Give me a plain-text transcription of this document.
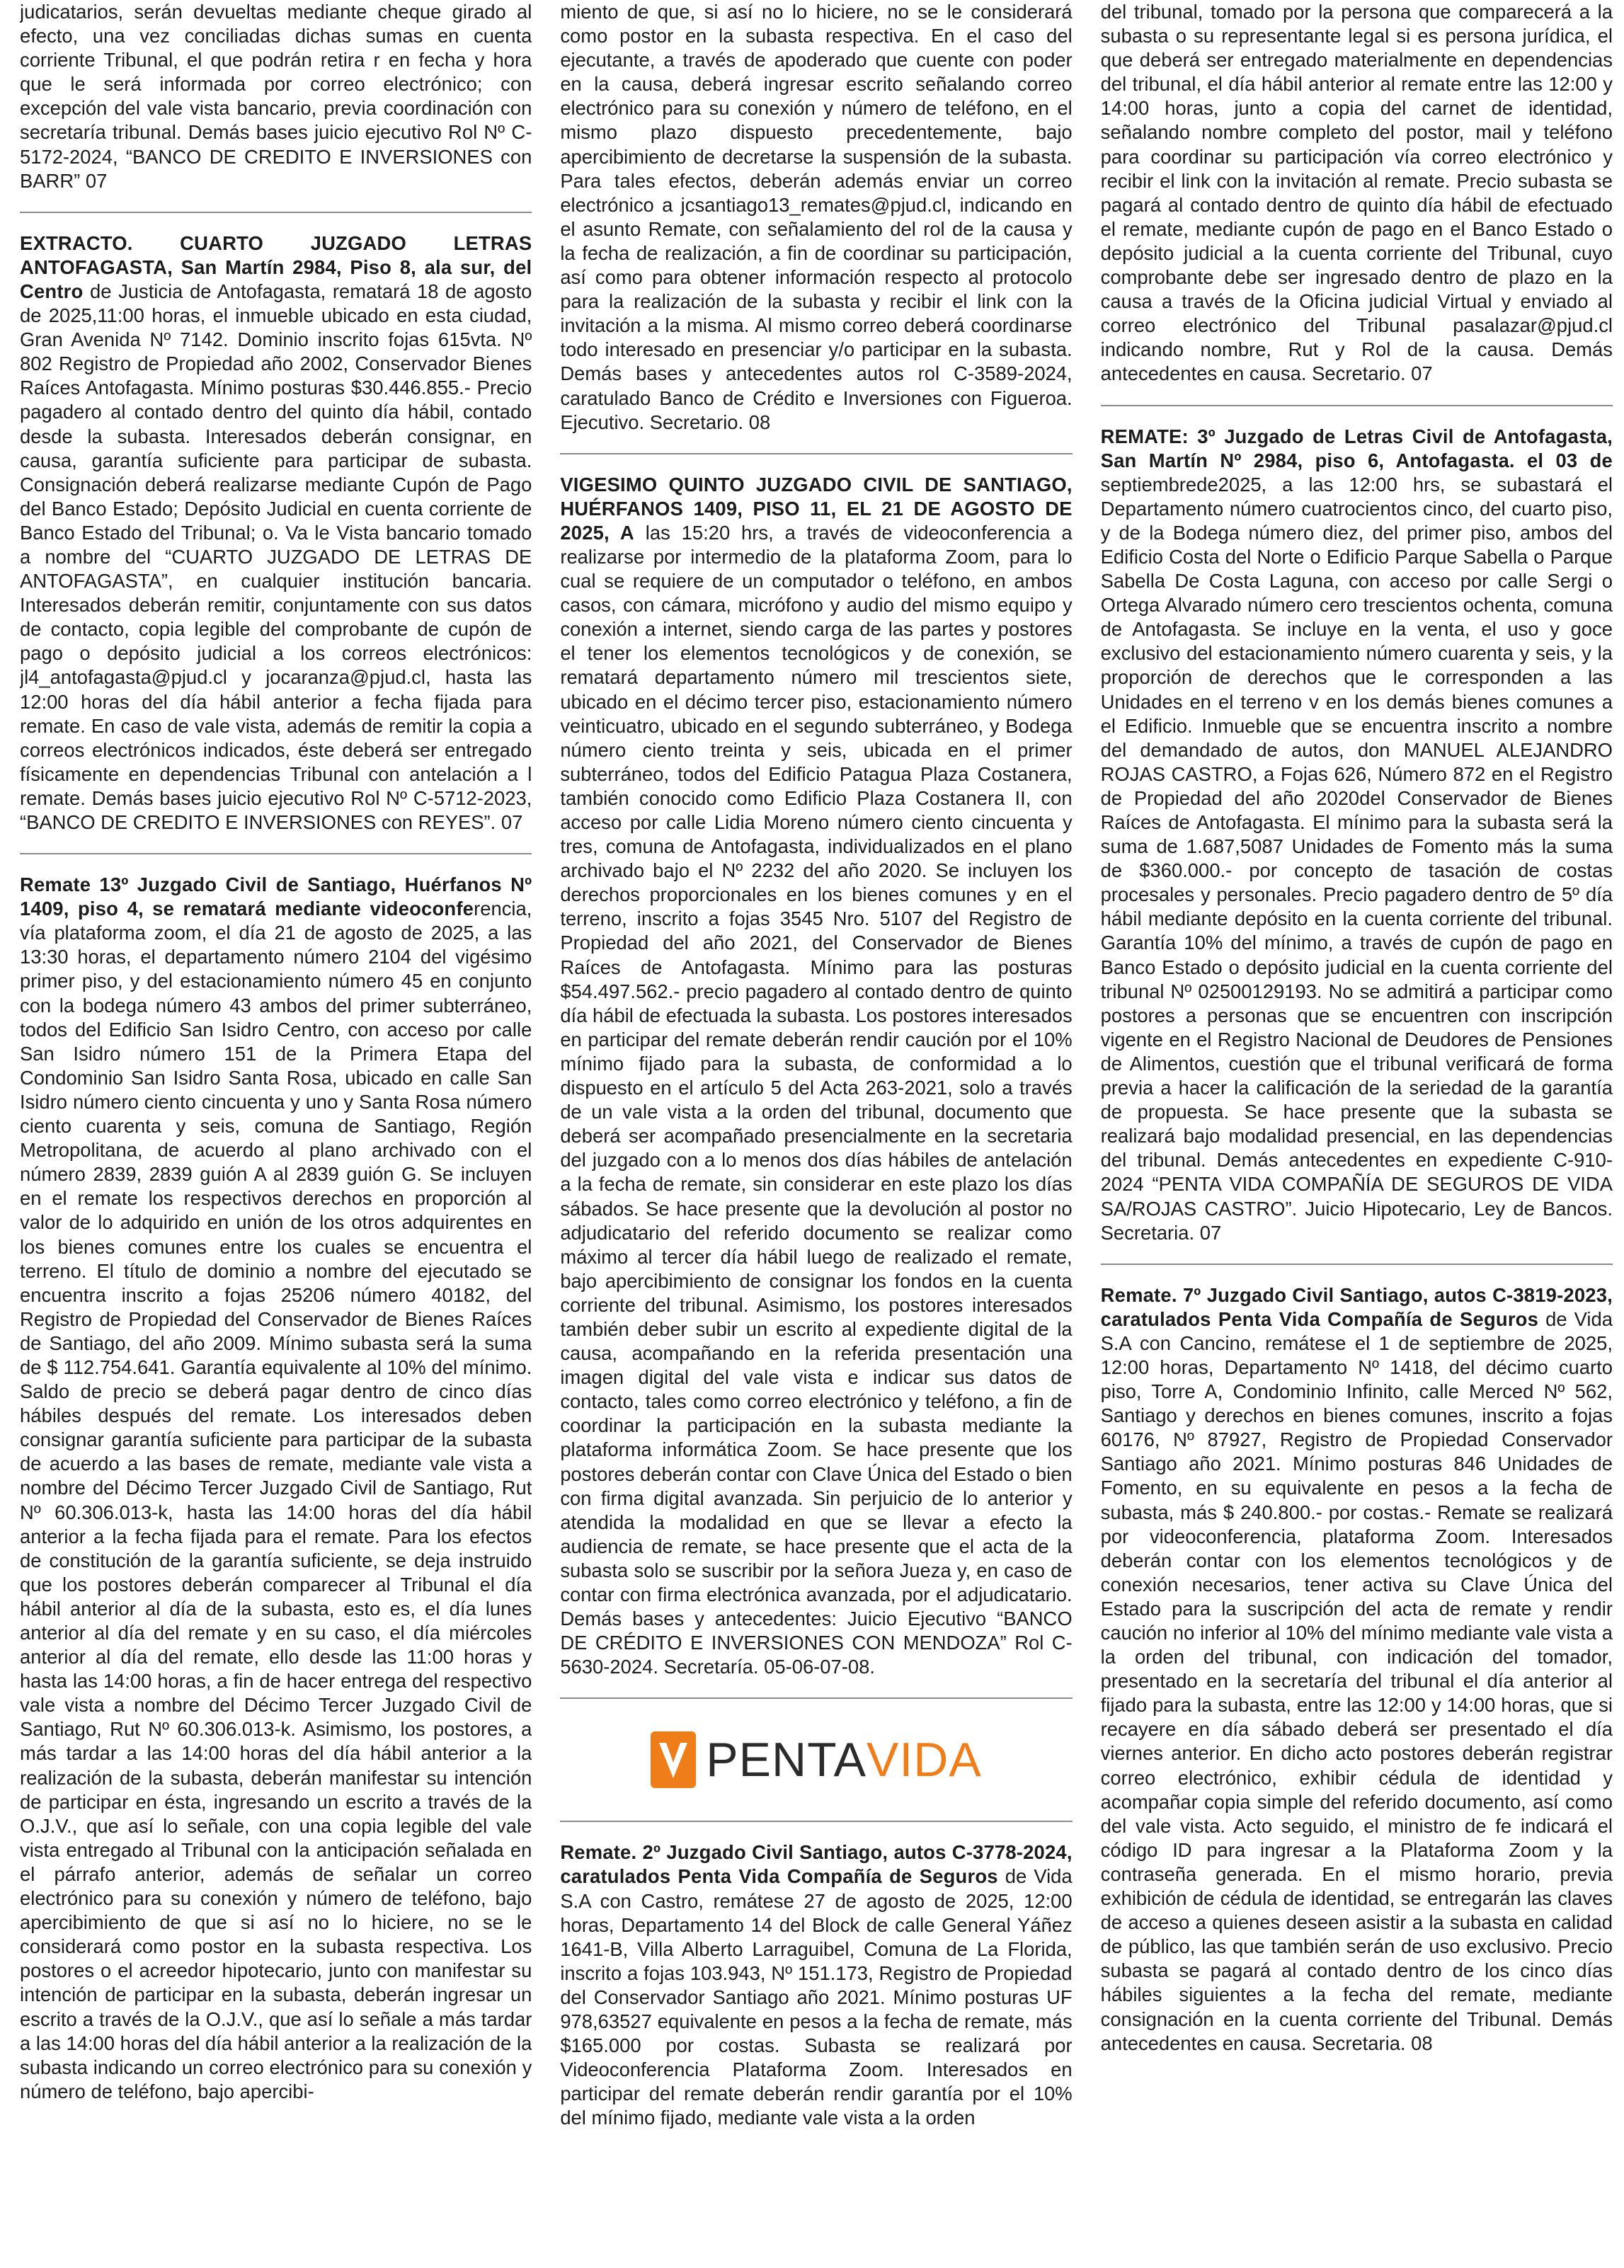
judicatarios, serán devueltas mediante cheque girado al efecto, una vez conciliadas dichas sumas en cuenta corriente Tribunal, el que podrán retira r en fecha y hora que le será informada por correo electrónico; con excepción del vale vista bancario, previa coordinación con secretaría tribunal. Demás bases juicio ejecutivo Rol Nº C-5172-2024, “BANCO DE CREDITO E INVERSIONES con BARR” 07

EXTRACTO. CUARTO JUZGADO LETRAS ANTOFAGASTA, San Martín 2984, Piso 8, ala sur, del Centro de Justicia de Antofagasta, rematará 18 de agosto de 2025,11:00 horas, el inmueble ubicado en esta ciudad, Gran Avenida Nº 7142. Dominio inscrito fojas 615vta. Nº 802 Registro de Propiedad año 2002, Conservador Bienes Raíces Antofagasta. Mínimo posturas $30.446.855.- Precio pagadero al contado dentro del quinto día hábil, contado desde la subasta. Interesados deberán consignar, en causa, garantía suficiente para participar de subasta. Consignación deberá realizarse mediante Cupón de Pago del Banco Estado; Depósito Judicial en cuenta corriente de Banco Estado del Tribunal; o. Va le Vista bancario tomado a nombre del “CUARTO JUZGADO DE LETRAS DE ANTOFAGASTA”, en cualquier institución bancaria. Interesados deberán remitir, conjuntamente con sus datos de contacto, copia legible del comprobante de cupón de pago o depósito judicial a los correos electrónicos: jl4_antofagasta@pjud.cl y jocaranza@pjud.cl, hasta las 12:00 horas del día hábil anterior a fecha fijada para remate. En caso de vale vista, además de remitir la copia a correos electrónicos indicados, éste deberá ser entregado físicamente en dependencias Tribunal con antelación a l remate. Demás bases juicio ejecutivo Rol Nº C-5712-2023, “BANCO DE CREDITO E INVERSIONES con REYES”. 07

Remate 13º Juzgado Civil de Santiago, Huérfanos Nº 1409, piso 4, se rematará mediante videoconferencia, vía plataforma zoom, el día 21 de agosto de 2025, a las 13:30 horas, el departamento número 2104 del vigésimo primer piso, y del estacionamiento número 45 en conjunto con la bodega número 43 ambos del primer subterráneo, todos del Edificio San Isidro Centro, con acceso por calle San Isidro número 151 de la Primera Etapa del Condominio San Isidro Santa Rosa, ubicado en calle San Isidro número ciento cincuenta y uno y Santa Rosa número ciento cuarenta y seis, comuna de Santiago, Región Metropolitana, de acuerdo al plano archivado con el número 2839, 2839 guión A al 2839 guión G. Se incluyen en el remate los respectivos derechos en proporción al valor de lo adquirido en unión de los otros adquirentes en los bienes comunes entre los cuales se encuentra el terreno. El título de dominio a nombre del ejecutado se encuentra inscrito a fojas 25206 número 40182, del Registro de Propiedad del Conservador de Bienes Raíces de Santiago, del año 2009. Mínimo subasta será la suma de $ 112.754.641. Garantía equivalente al 10% del mínimo. Saldo de precio se deberá pagar dentro de cinco días hábiles después del remate. Los interesados deben consignar garantía suficiente para participar de la subasta de acuerdo a las bases de remate, mediante vale vista a nombre del Décimo Tercer Juzgado Civil de Santiago, Rut Nº 60.306.013-k, hasta las 14:00 horas del día hábil anterior a la fecha fijada para el remate. Para los efectos de constitución de la garantía suficiente, se deja instruido que los postores deberán comparecer al Tribunal el día hábil anterior al día de la subasta, esto es, el día lunes anterior al día del remate y en su caso, el día miércoles anterior al día del remate, ello desde las 11:00 horas y hasta las 14:00 horas, a fin de hacer entrega del respectivo vale vista a nombre del Décimo Tercer Juzgado Civil de Santiago, Rut Nº 60.306.013-k. Asimismo, los postores, a más tardar a las 14:00 horas del día hábil anterior a la realización de la subasta, deberán manifestar su intención de participar en ésta, ingresando un escrito a través de la O.J.V., que así lo señale, con una copia legible del vale vista entregado al Tribunal con la anticipación señalada en el párrafo anterior, además de señalar un correo electrónico para su conexión y número de teléfono, bajo apercibimiento de que si así no lo hiciere, no se le considerará como postor en la subasta respectiva. Los postores o el acreedor hipotecario, junto con manifestar su intención de participar en la subasta, deberán ingresar un escrito a través de la O.J.V., que así lo señale a más tardar a las 14:00 horas del día hábil anterior a la realización de la subasta indicando un correo electrónico para su conexión y número de teléfono, bajo apercibi-

miento de que, si así no lo hiciere, no se le considerará como postor en la subasta respectiva. En el caso del ejecutante, a través de apoderado que cuente con poder en la causa, deberá ingresar escrito señalando correo electrónico para su conexión y número de teléfono, en el mismo plazo dispuesto precedentemente, bajo apercibimiento de decretarse la suspensión de la subasta. Para tales efectos, deberán además enviar un correo electrónico a jcsantiago13_remates@pjud.cl, indicando en el asunto Remate, con señalamiento del rol de la causa y la fecha de realización, a fin de coordinar su participación, así como para obtener información respecto al protocolo para la realización de la subasta y recibir el link con la invitación a la misma. Al mismo correo deberá coordinarse todo interesado en presenciar y/o participar en la subasta. Demás bases y antecedentes autos rol C-3589-2024, caratulado Banco de Crédito e Inversiones con Figueroa. Ejecutivo. Secretario. 08

VIGESIMO QUINTO JUZGADO CIVIL DE SANTIAGO, HUÉRFANOS 1409, PISO 11, EL 21 DE AGOSTO DE 2025, A las 15:20 hrs, a través de videoconferencia a realizarse por intermedio de la plataforma Zoom, para lo cual se requiere de un computador o teléfono, en ambos casos, con cámara, micrófono y audio del mismo equipo y conexión a internet, siendo carga de las partes y postores el tener los elementos tecnológicos y de conexión, se rematará departamento número mil trescientos siete, ubicado en el décimo tercer piso, estacionamiento número veinticuatro, ubicado en el segundo subterráneo, y Bodega número ciento treinta y seis, ubicada en el primer subterráneo, todos del Edificio Patagua Plaza Costanera, también conocido como Edificio Plaza Costanera II, con acceso por calle Lidia Moreno número ciento cincuenta y tres, comuna de Antofagasta, individualizados en el plano archivado bajo el Nº 2232 del año 2020. Se incluyen los derechos proporcionales en los bienes comunes y en el terreno, inscrito a fojas 3545 Nro. 5107 del Registro de Propiedad del año 2021, del Conservador de Bienes Raíces de Antofagasta. Mínimo para las posturas $54.497.562.- precio pagadero al contado dentro de quinto día hábil de efectuada la subasta. Los postores interesados en participar del remate deberán rendir caución por el 10% mínimo fijado para la subasta, de conformidad a lo dispuesto en el artículo 5 del Acta 263-2021, solo a través de un vale vista a la orden del tribunal, documento que deberá ser acompañado presencialmente en la secretaria del juzgado con a lo menos dos días hábiles de antelación a la fecha de remate, sin considerar en este plazo los días sábados. Se hace presente que la devolución al postor no adjudicatario del referido documento se realizar como máximo al tercer día hábil luego de realizado el remate, bajo apercibimiento de consignar los fondos en la cuenta corriente del tribunal. Asimismo, los postores interesados también deber subir un escrito al expediente digital de la causa, acompañando en la referida presentación una imagen digital del vale vista e indicar sus datos de contacto, tales como correo electrónico y teléfono, a fin de coordinar la participación en la subasta mediante la plataforma informática Zoom. Se hace presente que los postores deberán contar con Clave Única del Estado o bien con firma digital avanzada. Sin perjuicio de lo anterior y atendida la modalidad en que se llevar a efecto la audiencia de remate, se hace presente que el acta de la subasta solo se suscribir por la señora Jueza y, en caso de contar con firma electrónica avanzada, por el adjudicatario. Demás bases y antecedentes: Juicio Ejecutivo “BANCO DE CRÉDITO E INVERSIONES CON MENDOZA” Rol C-5630-2024. Secretaría. 05-06-07-08.

PENTA VIDA

Remate. 2º Juzgado Civil Santiago, autos C-3778-2024, caratulados Penta Vida Compañía de Seguros de Vida S.A con Castro, remátese 27 de agosto de 2025, 12:00 horas, Departamento 14 del Block de calle General Yáñez 1641-B, Villa Alberto Larraguibel, Comuna de La Florida, inscrito a fojas 103.943, Nº 151.173, Registro de Propiedad del Conservador Santiago año 2021. Mínimo posturas UF 978,63527 equivalente en pesos a la fecha de remate, más $165.000 por costas. Subasta se realizará por Videoconferencia Plataforma Zoom. Interesados en participar del remate deberán rendir garantía por el 10% del mínimo fijado, mediante vale vista a la orden

del tribunal, tomado por la persona que comparecerá a la subasta o su representante legal si es persona jurídica, el que deberá ser entregado materialmente en dependencias del tribunal, el día hábil anterior al remate entre las 12:00 y 14:00 horas, junto a copia del carnet de identidad, señalando nombre completo del postor, mail y teléfono para coordinar su participación vía correo electrónico y recibir el link con la invitación al remate. Precio subasta se pagará al contado dentro de quinto día hábil de efectuado el remate, mediante cupón de pago en el Banco Estado o depósito judicial a la cuenta corriente del Tribunal, cuyo comprobante debe ser ingresado dentro de plazo en la causa a través de la Oficina judicial Virtual y enviado al correo electrónico del Tribunal pasalazar@pjud.cl indicando nombre, Rut y Rol de la causa. Demás antecedentes en causa. Secretario. 07

REMATE: 3º Juzgado de Letras Civil de Antofagasta, San Martín Nº 2984, piso 6, Antofagasta. el 03 de septiembrede2025, a las 12:00 hrs, se subastará el Departamento número cuatrocientos cinco, del cuarto piso, y de la Bodega número diez, del primer piso, ambos del Edificio Costa del Norte o Edificio Parque Sabella o Parque Sabella De Costa Laguna, con acceso por calle Sergi o Ortega Alvarado número cero trescientos ochenta, comuna de Antofagasta. Se incluye en la venta, el uso y goce exclusivo del estacionamiento número cuarenta y seis, y la proporción de derechos que le corresponden a las Unidades en el terreno v en los demás bienes comunes a el Edificio. Inmueble que se encuentra inscrito a nombre del demandado de autos, don MANUEL ALEJANDRO ROJAS CASTRO, a Fojas 626, Número 872 en el Registro de Propiedad del año 2020del Conservador de Bienes Raíces de Antofagasta. El mínimo para la subasta será la suma de 1.687,5087 Unidades de Fomento más la suma de $360.000.- por concepto de tasación de costas procesales y personales. Precio pagadero dentro de 5º día hábil mediante depósito en la cuenta corriente del tribunal. Garantía 10% del mínimo, a través de cupón de pago en Banco Estado o depósito judicial en la cuenta corriente del tribunal Nº 02500129193. No se admitirá a participar como postores a personas que se encuentren con inscripción vigente en el Registro Nacional de Deudores de Pensiones de Alimentos, cuestión que el tribunal verificará de forma previa a hacer la calificación de la seriedad de la garantía de propuesta. Se hace presente que la subasta se realizará bajo modalidad presencial, en las dependencias del tribunal. Demás antecedentes en expediente C-910-2024 “PENTA VIDA COMPAÑÍA DE SEGUROS DE VIDA SA/ROJAS CASTRO”. Juicio Hipotecario, Ley de Bancos. Secretaria. 07

Remate. 7º Juzgado Civil Santiago, autos C-3819-2023, caratulados Penta Vida Compañía de Seguros de Vida S.A con Cancino, remátese el 1 de septiembre de 2025, 12:00 horas, Departamento Nº 1418, del décimo cuarto piso, Torre A, Condominio Infinito, calle Merced Nº 562, Santiago y derechos en bienes comunes, inscrito a fojas 60176, Nº 87927, Registro de Propiedad Conservador Santiago año 2021. Mínimo posturas 846 Unidades de Fomento, en su equivalente en pesos a la fecha de subasta, más $ 240.800.- por costas.- Remate se realizará por videoconferencia, plataforma Zoom. Interesados deberán contar con los elementos tecnológicos y de conexión necesarios, tener activa su Clave Única del Estado para la suscripción del acta de remate y rendir caución no inferior al 10% del mínimo mediante vale vista a la orden del tribunal, con indicación del tomador, presentado en la secretaría del tribunal el día anterior al fijado para la subasta, entre las 12:00 y 14:00 horas, que si recayere en día sábado deberá ser presentado el día viernes anterior. En dicho acto postores deberán registrar correo electrónico, exhibir cédula de identidad y acompañar copia simple del referido documento, así como del vale vista. Acto seguido, el ministro de fe indicará el código ID para ingresar a la Plataforma Zoom y la contraseña generada. En el mismo horario, previa exhibición de cédula de identidad, se entregarán las claves de acceso a quienes deseen asistir a la subasta en calidad de público, las que también serán de uso exclusivo. Precio subasta se pagará al contado dentro de los cinco días hábiles siguientes a la fecha del remate, mediante consignación en la cuenta corriente del Tribunal. Demás antecedentes en causa. Secretaria. 08
